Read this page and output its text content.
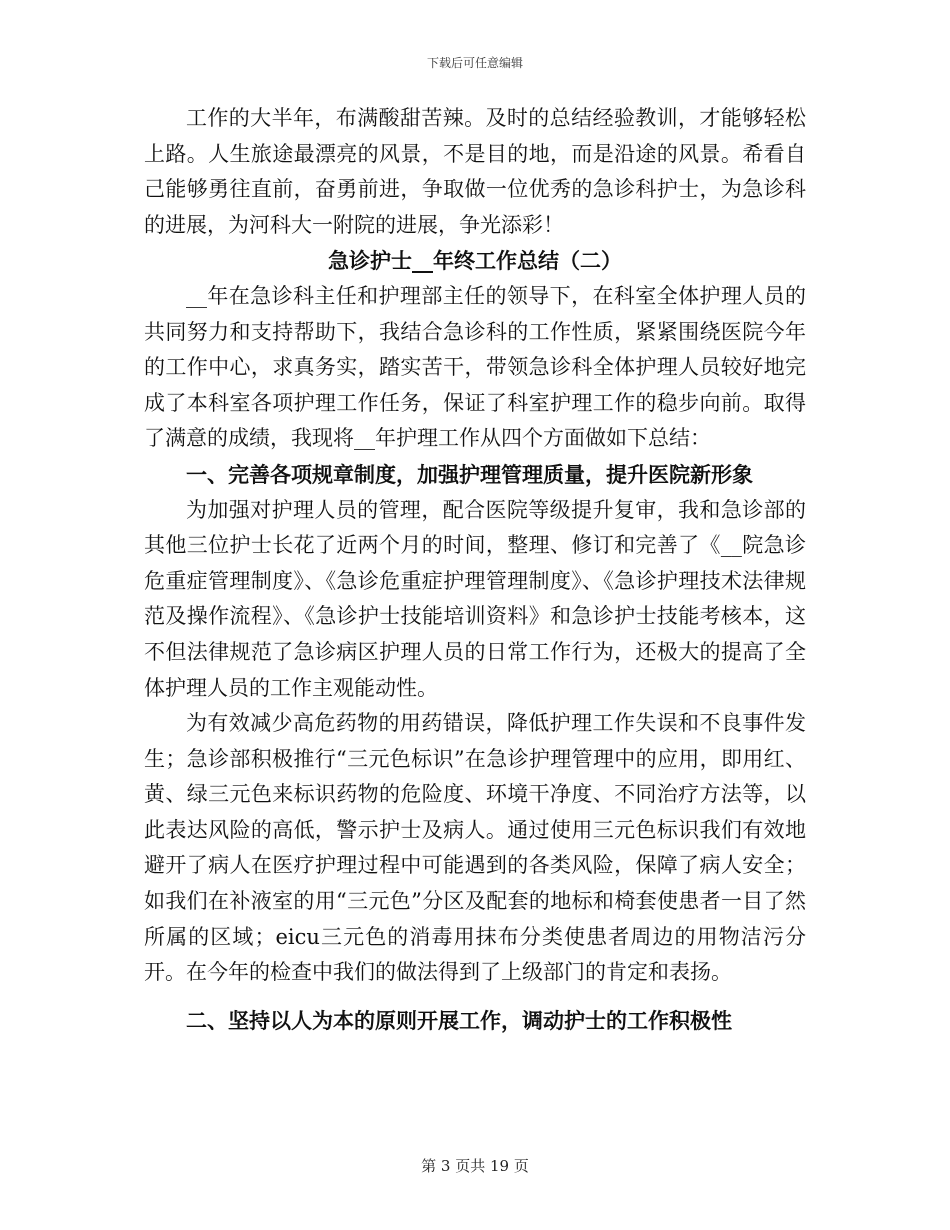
下载后可任意编辑

工作的大半年，布满酸甜苦辣。及时的总结经验教训，才能够轻松上路。人生旅途最漂亮的风景，不是目的地，而是沿途的风景。希看自己能够勇往直前，奋勇前进，争取做一位优秀的急诊科护士，为急诊科的进展，为河科大一附院的进展，争光添彩！

急诊护士__年终工作总结（二）

__年在急诊科主任和护理部主任的领导下，在科室全体护理人员的共同努力和支持帮助下，我结合急诊科的工作性质，紧紧围绕医院今年的工作中心，求真务实，踏实苦干，带领急诊科全体护理人员较好地完成了本科室各项护理工作任务，保证了科室护理工作的稳步向前。取得了满意的成绩，我现将__年护理工作从四个方面做如下总结：

一、完善各项规章制度，加强护理管理质量，提升医院新形象

为加强对护理人员的管理，配合医院等级提升复审，我和急诊部的其他三位护士长花了近两个月的时间，整理、修订和完善了《__院急诊危重症管理制度》、《急诊危重症护理管理制度》、《急诊护理技术法律规范及操作流程》、《急诊护士技能培训资料》和急诊护士技能考核本，这不但法律规范了急诊病区护理人员的日常工作行为，还极大的提高了全体护理人员的工作主观能动性。

为有效减少高危药物的用药错误，降低护理工作失误和不良事件发生；急诊部积极推行“三元色标识”在急诊护理管理中的应用，即用红、黄、绿三元色来标识药物的危险度、环境干净度、不同治疗方法等，以此表达风险的高低，警示护士及病人。通过使用三元色标识我们有效地避开了病人在医疗护理过程中可能遇到的各类风险，保障了病人安全；如我们在补液室的用“三元色”分区及配套的地标和椅套使患者一目了然所属的区域；eicu三元色的消毒用抹布分类使患者周边的用物洁污分开。在今年的检查中我们的做法得到了上级部门的肯定和表扬。

二、坚持以人为本的原则开展工作，调动护士的工作积极性

第 3 页共 19 页
